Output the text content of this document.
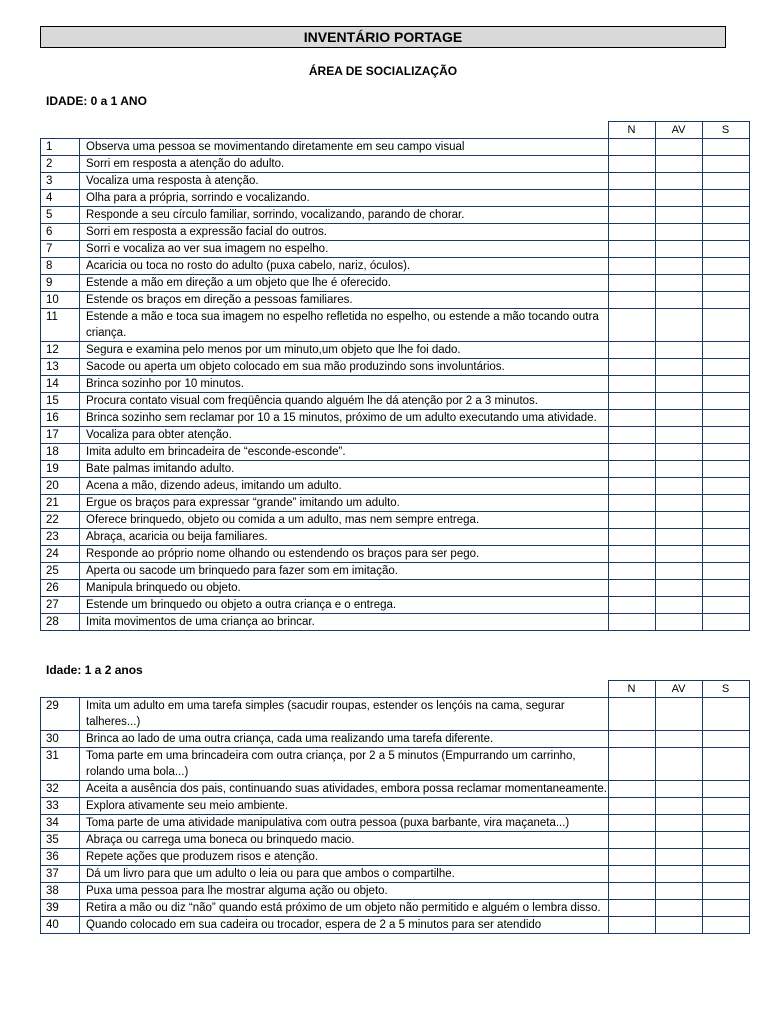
INVENTÁRIO PORTAGE
ÁREA DE SOCIALIZAÇÃO
IDADE: 0 a 1 ANO
		N	AV	S
1	Observa uma pessoa se movimentando diretamente em seu campo visual			
2	Sorri em resposta a atenção do adulto.			
3	Vocaliza uma resposta à atenção.			
4	Olha para a própria, sorrindo e vocalizando.			
5	Responde a seu círculo familiar, sorrindo, vocalizando, parando de chorar.			
6	Sorri em resposta a expressão facial do outros.			
7	Sorri e vocaliza ao ver sua imagem no espelho.			
8	Acaricia ou toca no rosto do adulto (puxa cabelo, nariz, óculos).			
9	Estende a mão em direção a um objeto que lhe é oferecido.			
10	Estende os braços em direção a pessoas familiares.			
11	Estende a mão e toca sua imagem no espelho refletida no espelho, ou estende a mão tocando outra criança.			
12	Segura e examina pelo menos por um minuto,um objeto que lhe foi dado.			
13	Sacode ou aperta um objeto colocado em sua mão produzindo sons involuntários.			
14	Brinca sozinho por 10 minutos.			
15	Procura contato visual com freqüência quando alguém lhe dá atenção por 2 a 3 minutos.			
16	Brinca sozinho sem reclamar por 10 a 15 minutos, próximo de um adulto executando uma atividade.			
17	Vocaliza para obter atenção.			
18	Imita adulto em brincadeira de “esconde-esconde”.			
19	Bate palmas imitando adulto.			
20	Acena a mão, dizendo adeus, imitando um adulto.			
21	Ergue os braços para expressar “grande” imitando um adulto.			
22	Oferece brinquedo, objeto ou comida a um adulto, mas nem sempre entrega.			
23	Abraça, acaricia ou beija familiares.			
24	Responde ao próprio nome olhando ou estendendo os braços para ser pego.			
25	Aperta ou sacode um brinquedo para fazer som em imitação.			
26	Manipula brinquedo ou objeto.			
27	Estende um brinquedo ou objeto a outra criança e o entrega.			
28	Imita movimentos de uma criança ao brincar.			
Idade: 1 a 2 anos
		N	AV	S
29	Imita um adulto em uma tarefa simples (sacudir roupas, estender os lençóis na cama, segurar talheres...)			
30	Brinca ao lado de uma outra criança, cada uma realizando uma tarefa diferente.			
31	Toma parte em uma brincadeira com outra criança, por 2 a 5 minutos (Empurrando um carrinho, rolando uma bola...)			
32	Aceita a ausência dos pais, continuando suas atividades, embora possa reclamar momentaneamente.			
33	Explora ativamente seu meio ambiente.			
34	Toma parte de uma atividade manipulativa com outra pessoa (puxa barbante, vira maçaneta...)			
35	Abraça ou carrega uma boneca ou brinquedo macio.			
36	Repete ações que produzem risos e atenção.			
37	Dá um livro para que um adulto o leia ou para que ambos o compartilhe.			
38	Puxa uma pessoa para lhe mostrar alguma ação ou objeto.			
39	Retira a mão ou diz “não” quando está próximo de um objeto não permitido e alguém o lembra disso.			
40	Quando colocado em sua cadeira ou trocador, espera de 2 a 5 minutos para ser atendido			
